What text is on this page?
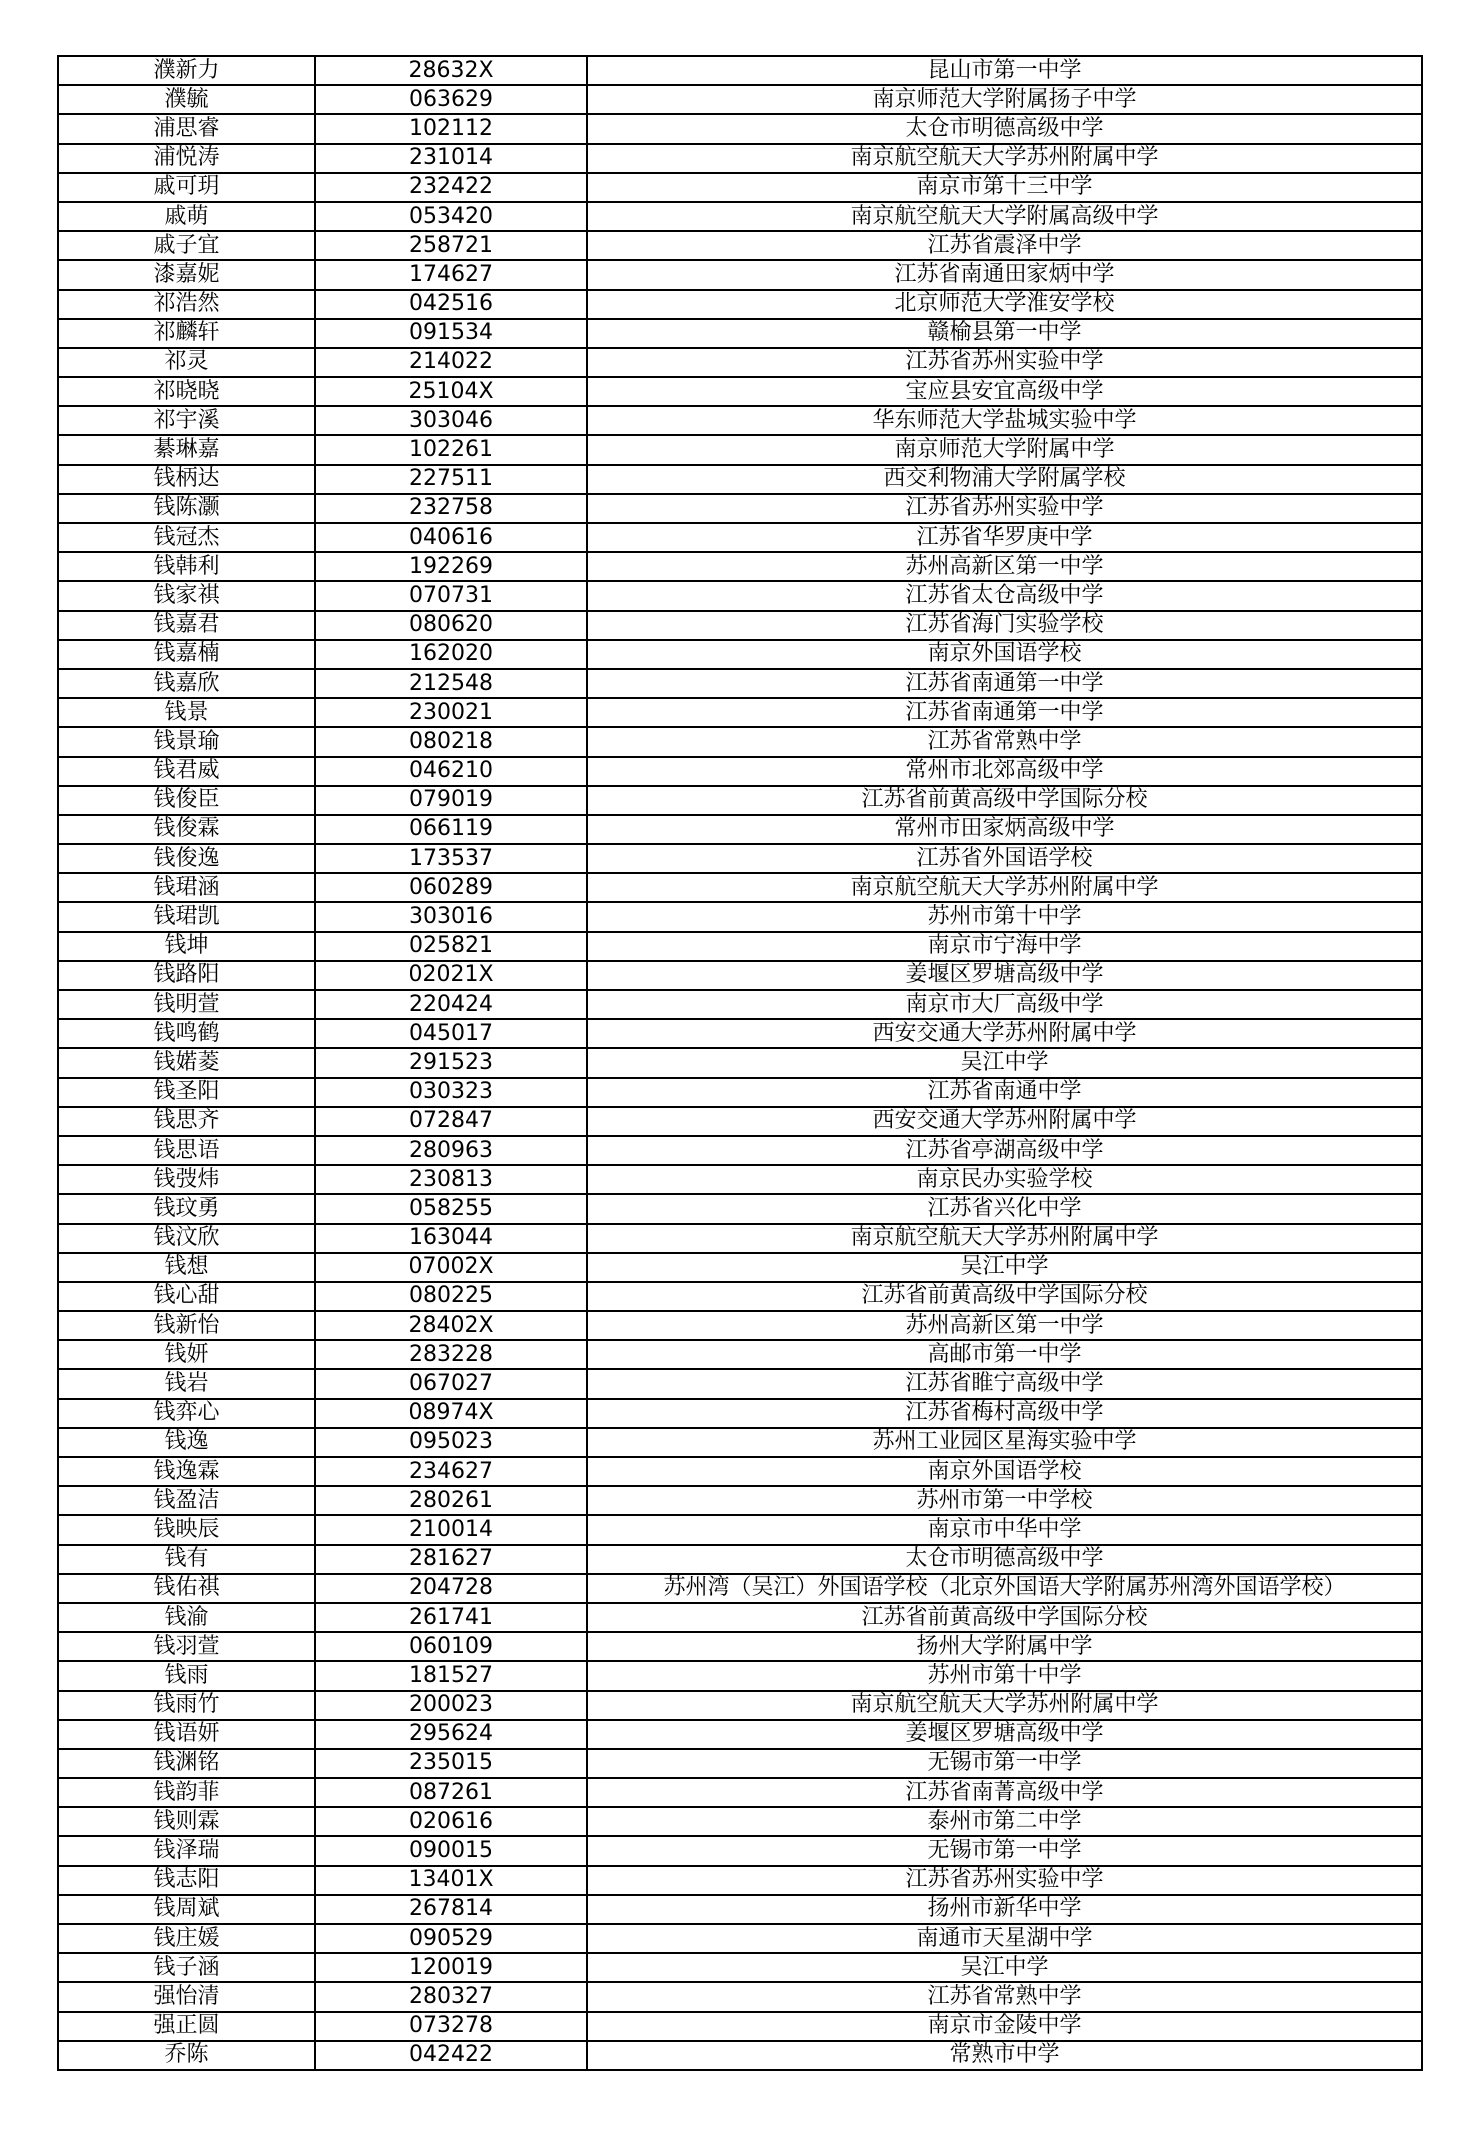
濮新力	28632X	昆山市第一中学
濮毓	063629	南京师范大学附属扬子中学
浦思睿	102112	太仓市明德高级中学
浦悦涛	231014	南京航空航天大学苏州附属中学
戚可玥	232422	南京市第十三中学
戚萌	053420	南京航空航天大学附属高级中学
戚子宜	258721	江苏省震泽中学
漆嘉妮	174627	江苏省南通田家炳中学
祁浩然	042516	北京师范大学淮安学校
祁麟轩	091534	赣榆县第一中学
祁灵	214022	江苏省苏州实验中学
祁晓晓	25104X	宝应县安宜高级中学
祁宇溪	303046	华东师范大学盐城实验中学
綦琳嘉	102261	南京师范大学附属中学
钱柄达	227511	西交利物浦大学附属学校
钱陈灏	232758	江苏省苏州实验中学
钱冠杰	040616	江苏省华罗庚中学
钱韩利	192269	苏州高新区第一中学
钱家祺	070731	江苏省太仓高级中学
钱嘉君	080620	江苏省海门实验学校
钱嘉楠	162020	南京外国语学校
钱嘉欣	212548	江苏省南通第一中学
钱景	230021	江苏省南通第一中学
钱景瑜	080218	江苏省常熟中学
钱君威	046210	常州市北郊高级中学
钱俊臣	079019	江苏省前黄高级中学国际分校
钱俊霖	066119	常州市田家炳高级中学
钱俊逸	173537	江苏省外国语学校
钱珺涵	060289	南京航空航天大学苏州附属中学
钱珺凯	303016	苏州市第十中学
钱坤	025821	南京市宁海中学
钱路阳	02021X	姜堰区罗塘高级中学
钱明萱	220424	南京市大厂高级中学
钱鸣鹤	045017	西安交通大学苏州附属中学
钱婼菱	291523	吴江中学
钱圣阳	030323	江苏省南通中学
钱思齐	072847	西安交通大学苏州附属中学
钱思语	280963	江苏省亭湖高级中学
钱弢炜	230813	南京民办实验学校
钱玟勇	058255	江苏省兴化中学
钱汶欣	163044	南京航空航天大学苏州附属中学
钱想	07002X	吴江中学
钱心甜	080225	江苏省前黄高级中学国际分校
钱新怡	28402X	苏州高新区第一中学
钱妍	283228	高邮市第一中学
钱岩	067027	江苏省睢宁高级中学
钱弈心	08974X	江苏省梅村高级中学
钱逸	095023	苏州工业园区星海实验中学
钱逸霖	234627	南京外国语学校
钱盈洁	280261	苏州市第一中学校
钱映辰	210014	南京市中华中学
钱有	281627	太仓市明德高级中学
钱佑祺	204728	苏州湾（吴江）外国语学校（北京外国语大学附属苏州湾外国语学校）
钱渝	261741	江苏省前黄高级中学国际分校
钱羽萱	060109	扬州大学附属中学
钱雨	181527	苏州市第十中学
钱雨竹	200023	南京航空航天大学苏州附属中学
钱语妍	295624	姜堰区罗塘高级中学
钱渊铭	235015	无锡市第一中学
钱韵菲	087261	江苏省南菁高级中学
钱则霖	020616	泰州市第二中学
钱泽瑞	090015	无锡市第一中学
钱志阳	13401X	江苏省苏州实验中学
钱周斌	267814	扬州市新华中学
钱庄媛	090529	南通市天星湖中学
钱子涵	120019	吴江中学
强怡清	280327	江苏省常熟中学
强正圆	073278	南京市金陵中学
乔陈	042422	常熟市中学
